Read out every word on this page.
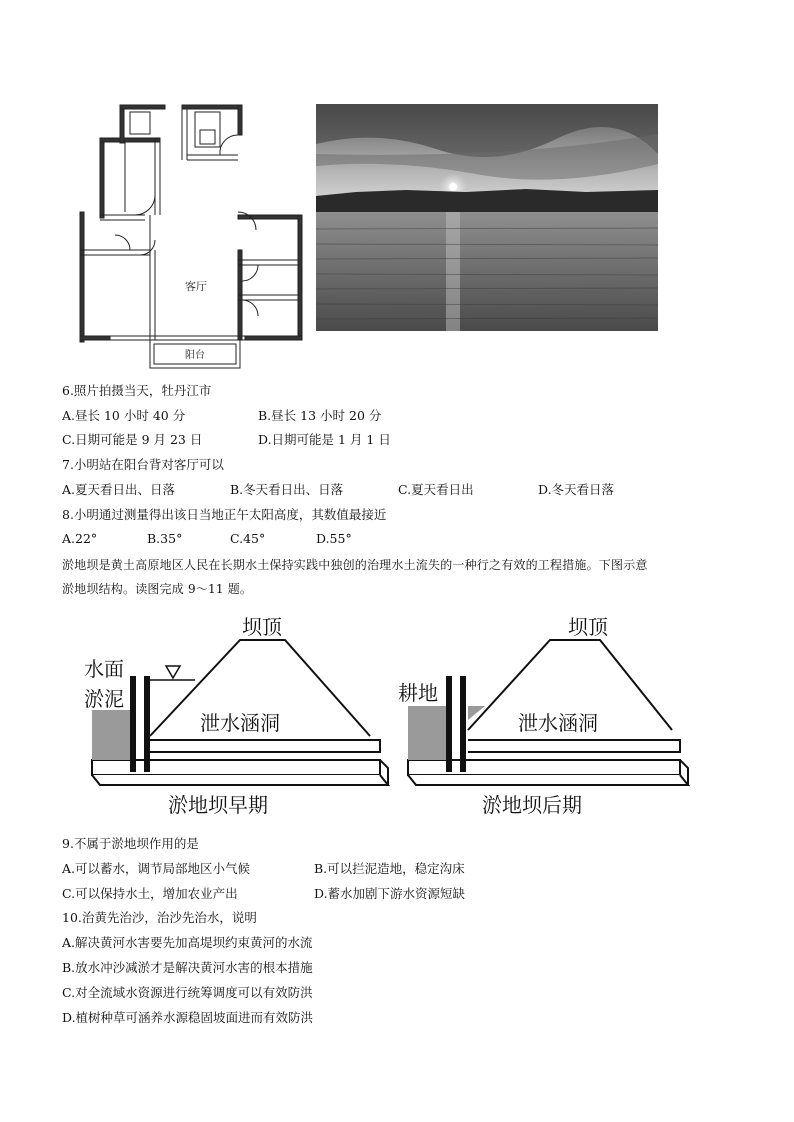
客厅
阳台
6.照片拍摄当天，牡丹江市
A.昼长 10 小时 40 分	B.昼长 13 小时 20 分
C.日期可能是 9 月 23 日	D.日期可能是 1 月 1 日
7.小明站在阳台背对客厅可以
A.夏天看日出、日落	B.冬天看日出、日落	C.夏天看日出	D.冬天看日落
8.小明通过测量得出该日当地正午太阳高度，其数值最接近
A.22°	B.35°	C.45°	D.55°
淤地坝是黄土高原地区人民在长期水土保持实践中独创的治理水土流失的一种行之有效的工程措施。下图示意
淤地坝结构。读图完成 9～11 题。
坝顶
水面
淤泥
泄水涵洞
淤地坝早期
坝顶
耕地
泄水涵洞
淤地坝后期
9.不属于淤地坝作用的是
A.可以蓄水，调节局部地区小气候	B.可以拦泥造地，稳定沟床
C.可以保持水土，增加农业产出	D.蓄水加剧下游水资源短缺
10.治黄先治沙，治沙先治水，说明
A.解决黄河水害要先加高堤坝约束黄河的水流
B.放水冲沙减淤才是解决黄河水害的根本措施
C.对全流域水资源进行统筹调度可以有效防洪
D.植树种草可涵养水源稳固坡面进而有效防洪
